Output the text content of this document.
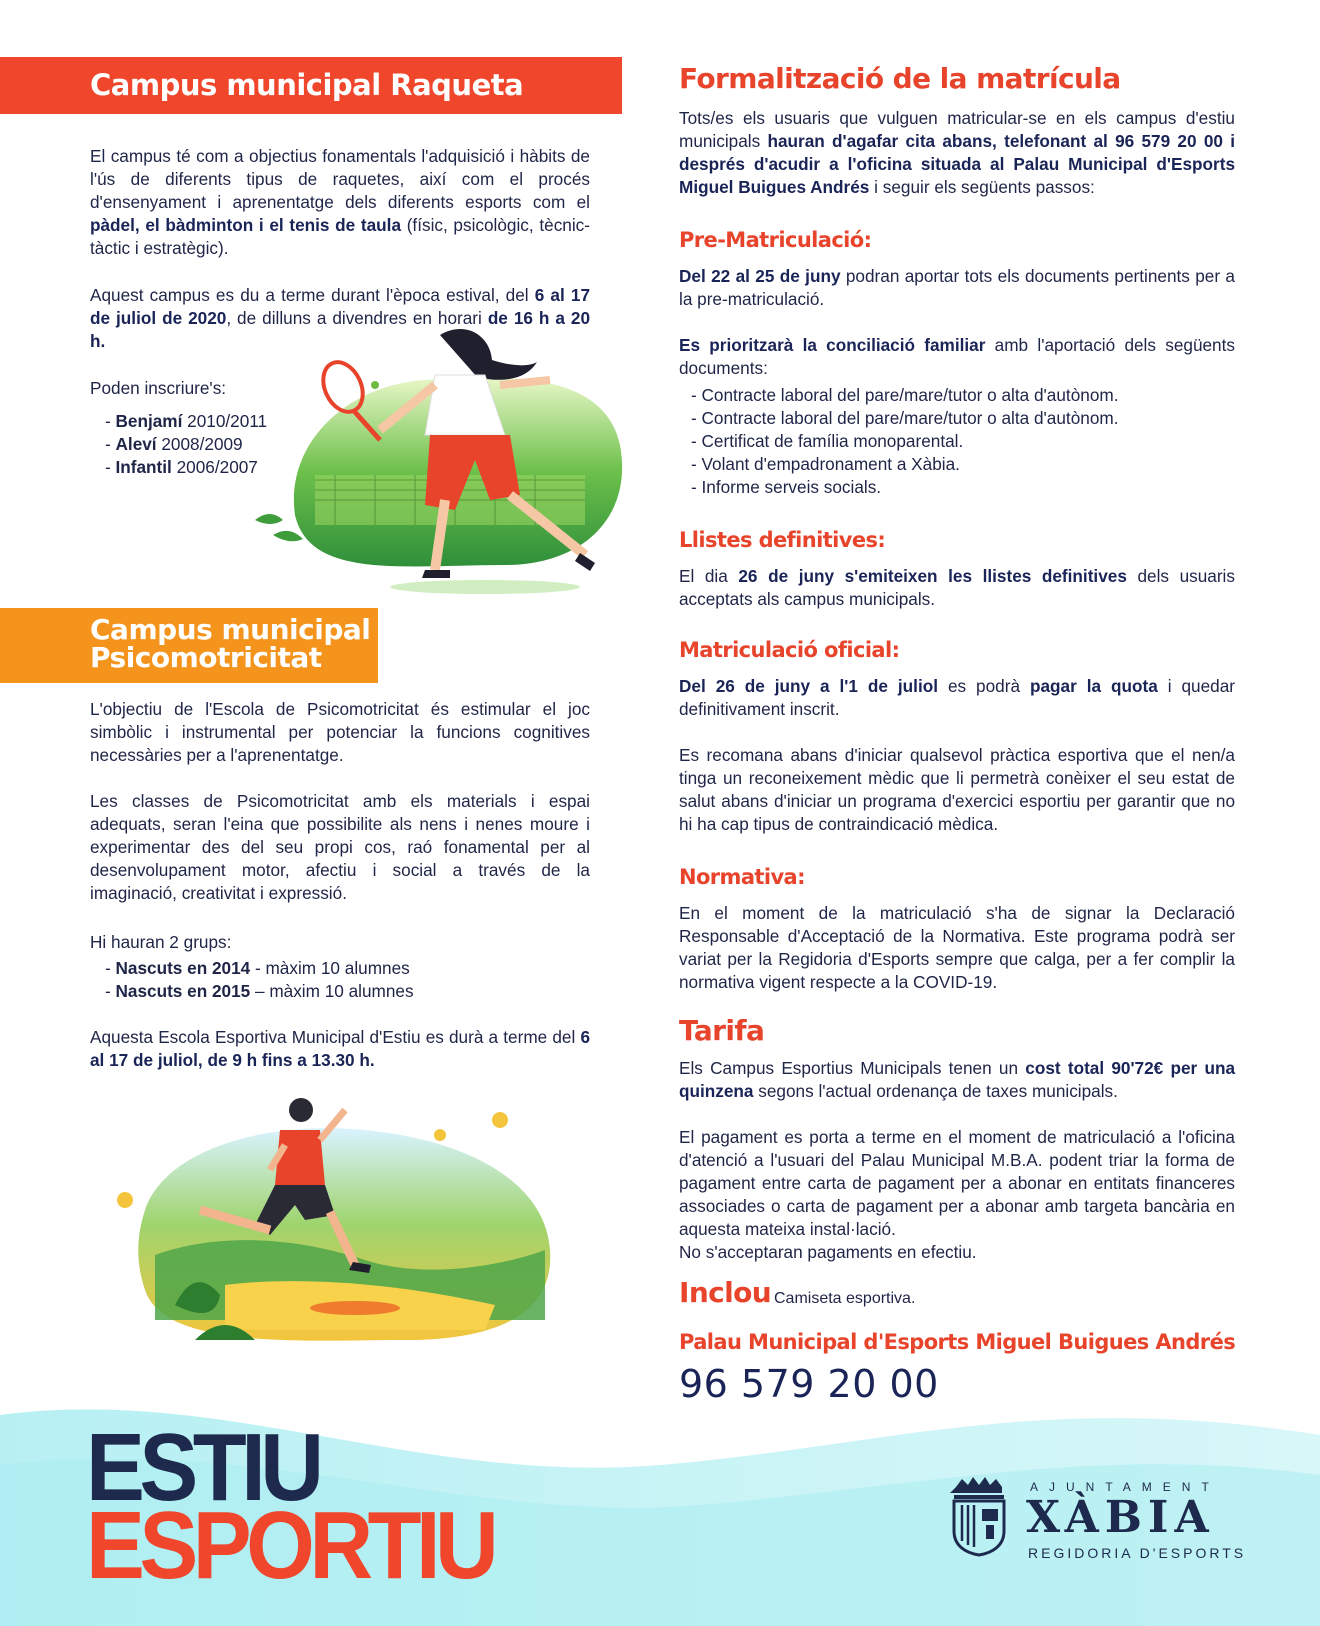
Campus municipal Raqueta
El campus té com a objectius fonamentals l'adquisició i hàbits de l'ús de diferents tipus de raquetes, així com el procés d'ensenyament i aprenentatge dels diferents esports com el pàdel, el bàdminton i el tenis de taula (físic, psicològic, tècnic-tàctic i estratègic).
Aquest campus es du a terme durant l'època estival, del 6 al 17 de juliol de 2020, de dilluns a divendres en horari de 16 h a 20 h.
Poden inscriure's:
- Benjamí 2010/2011
- Aleví 2008/2009
- Infantil 2006/2007
Campus municipal
Psicomotricitat
L'objectiu de l'Escola de Psicomotricitat és estimular el joc simbòlic i instrumental per potenciar la funcions cognitives necessàries per a l'aprenentatge.
Les classes de Psicomotricitat amb els materials i espai adequats, seran l'eina que possibilite als nens i nenes moure i experimentar des del seu propi cos, raó fonamental per al desenvolupament motor, afectiu i social a través de la imaginació, creativitat i expressió.
Hi hauran 2 grups:
- Nascuts en 2014 - màxim 10 alumnes
- Nascuts en 2015 – màxim 10 alumnes
Aquesta Escola Esportiva Municipal d'Estiu es durà a terme del 6 al 17 de juliol, de 9 h fins a 13.30 h.
Formalització de la matrícula
Tots/es els usuaris que vulguen matricular-se en els campus d'estiu municipals hauran d'agafar cita abans, telefonant al 96 579 20 00 i després d'acudir a l'oficina situada al Palau Municipal d'Esports Miguel Buigues Andrés i seguir els següents passos:
Pre-Matriculació:
Del 22 al 25 de juny podran aportar tots els documents pertinents per a la pre-matriculació.
Es prioritzarà la conciliació familiar amb l'aportació dels següents documents:
- Contracte laboral del pare/mare/tutor o alta d'autònom.
- Contracte laboral del pare/mare/tutor o alta d'autònom.
- Certificat de família monoparental.
- Volant d'empadronament a Xàbia.
- Informe serveis socials.
Llistes definitives:
El dia 26 de juny s'emiteixen les llistes definitives dels usuaris acceptats als campus municipals.
Matriculació oficial:
Del 26 de juny a l'1 de juliol es podrà pagar la quota i quedar definitivament inscrit.
Es recomana abans d'iniciar qualsevol pràctica esportiva que el nen/a tinga un reconeixement mèdic que li permetrà conèixer el seu estat de salut abans d'iniciar un programa d'exercici esportiu per garantir que no hi ha cap tipus de contraindicació mèdica.
Normativa:
En el moment de la matriculació s'ha de signar la Declaració Responsable d'Acceptació de la Normativa. Este programa podrà ser variat per la Regidoria d'Esports sempre que calga, per a fer complir la normativa vigent respecte a la COVID-19.
Tarifa
Els Campus Esportius Municipals tenen un cost total 90'72€ per una quinzena segons l'actual ordenança de taxes municipals.
El pagament es porta a terme en el moment de matriculació a l'oficina d'atenció a l'usuari del Palau Municipal M.B.A. podent triar la forma de pagament entre carta de pagament per a abonar en entitats financeres associades o carta de pagament per a abonar amb targeta bancària en aquesta mateixa instal·lació.
No s'acceptaran pagaments en efectiu.
Inclou Camiseta esportiva.
Palau Municipal d'Esports Miguel Buigues Andrés
96 579 20 00
ESTIU
ESPORTIU
AJUNTAMENT
XÀBIA
REGIDORIA D'ESPORTS
